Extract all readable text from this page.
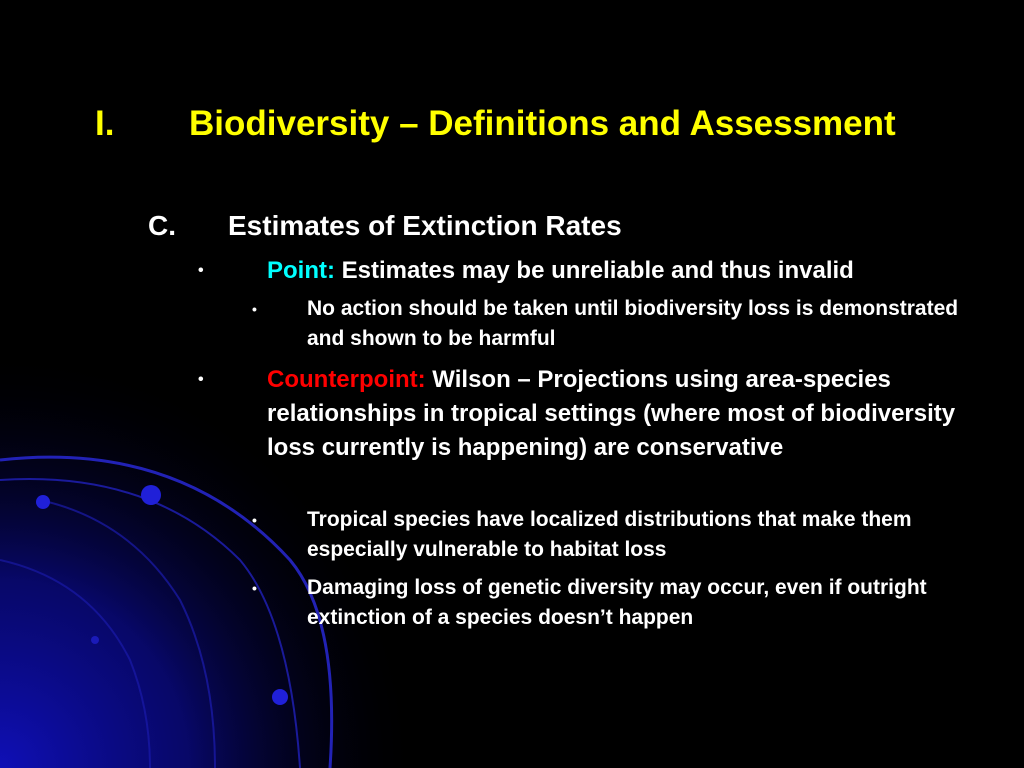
I. Biodiversity – Definitions and Assessment
C. Estimates of Extinction Rates
•	Point: Estimates may be unreliable and thus invalid
• No action should be taken until biodiversity loss is demonstrated and shown to be harmful
•	Counterpoint: Wilson – Projections using area-species relationships in tropical settings (where most of biodiversity loss currently is happening) are conservative
• Tropical species have localized distributions that make them especially vulnerable to habitat loss
• Damaging loss of genetic diversity may occur, even if outright extinction of a species doesn’t happen
